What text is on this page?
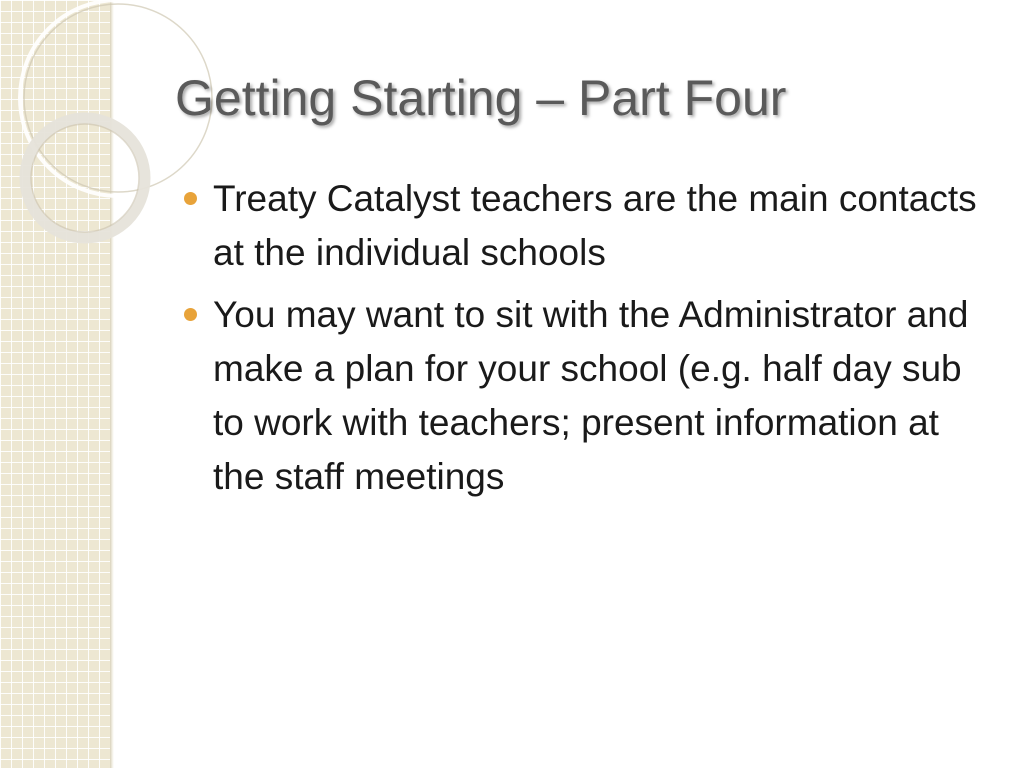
Getting Starting – Part Four
Treaty Catalyst teachers are the main contacts at the individual schools
You may want to sit with the Administrator and make a plan for your school (e.g. half day sub to work with teachers; present information at the staff meetings
